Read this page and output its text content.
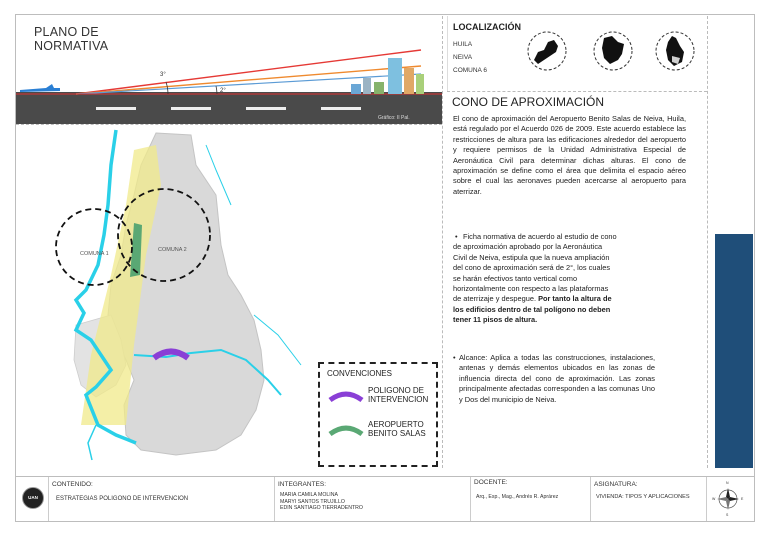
PLANO DE
NORMATIVA
3°
2°
Gráfico: II Pal.
LOCALIZACIÓN
HUILA
NEIVA
COMUNA 6
CONO DE APROXIMACIÓN
El cono de aproximación del Aeropuerto Benito Salas de Neiva, Huila, está regulado por el Acuerdo 026 de 2009. Este acuerdo establece las restricciones de altura para las edificaciones alrededor del aeropuerto y requiere permisos de la Unidad Administrativa Especial de Aeronáutica Civil para determinar dichas alturas. El cono de aproximación se define como el área que delimita el espacio aéreo sobre el cual las aeronaves pueden acercarse al aeropuerto para aterrizar.
• Ficha normativa de acuerdo al estudio de cono
de aproximación aprobado por la Aeronáutica
Civil de Neiva, estipula que la nueva ampliación
del cono de aproximación será de 2°, los cuales
se harán efectivos tanto vertical como
horizontalmente con respecto a las plataformas
de aterrizaje y despegue. Por tanto la altura de
los edificios dentro de tal polígono no deben
tener 11 pisos de altura.
• Alcance: Aplica a todas las construcciones, instalaciones, antenas y demás elementos ubicados en las zonas de influencia directa del cono de aproximación. Las zonas principalmente afectadas corresponden a las comunas Uno y Dos del municipio de Neiva.
COMUNA 1
COMUNA 2
CONVENCIONES
POLIGONO DE
INTERVENCION
AEROPUERTO
BENITO SALAS
UAN
CONTENIDO:
ESTRATEGIAS POLIGONO DE INTERVENCION
INTEGRANTES:
MARIA CAMILA MOLINA
MARYI SANTOS TRUJILLO
EDIN SANTIAGO TIERRADENTRO
DOCENTE:
Arq., Esp., Mag., Andrés R. Aprárez
ASIGNATURA:
VIVIENDA: TIPOS Y APLICACIONES
N
S
W	E
